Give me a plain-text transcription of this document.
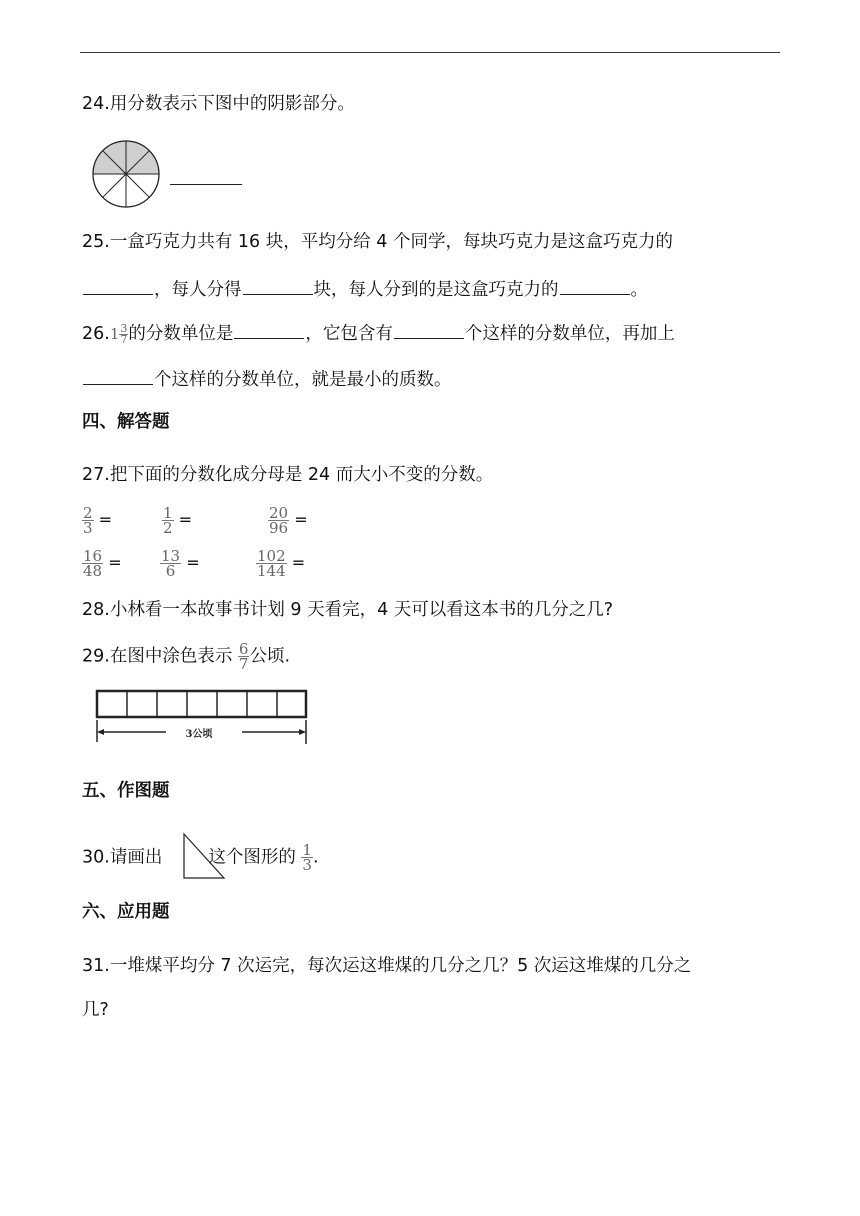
24.用分数表示下图中的阴影部分。
25.一盒巧克力共有 16 块，平均分给 4 个同学，每块巧克力是这盒巧克力的
，每人分得	块，每人分到的是这盒巧克力的	。
$26.1 \frac{3}{7}$ 的分数单位是	，它包含有	个这样的分数单位，再加上
个这样的分数单位，就是最小的质数。
四、解答题
27.把下面的分数化成分母是 24 而大小不变的分数。
$\frac{2}{3}$ =	$\frac{1}{2}$ =	$\frac{20}{96}$ =
$\frac{16}{48}$ =	$\frac{13}{6}$ =	$\frac{102}{144}$ =
28.小林看一本故事书计划 9 天看完，4 天可以看这本书的几分之几?
29.在图中涂色表示 $\frac{6}{7}$ 公顷.
3公顷
五、作图题
30.请画出	这个图形的 $\frac{1}{3}$ .
六、应用题
31.一堆煤平均分 7 次运完，每次运这堆煤的几分之几？5 次运这堆煤的几分之
几?
